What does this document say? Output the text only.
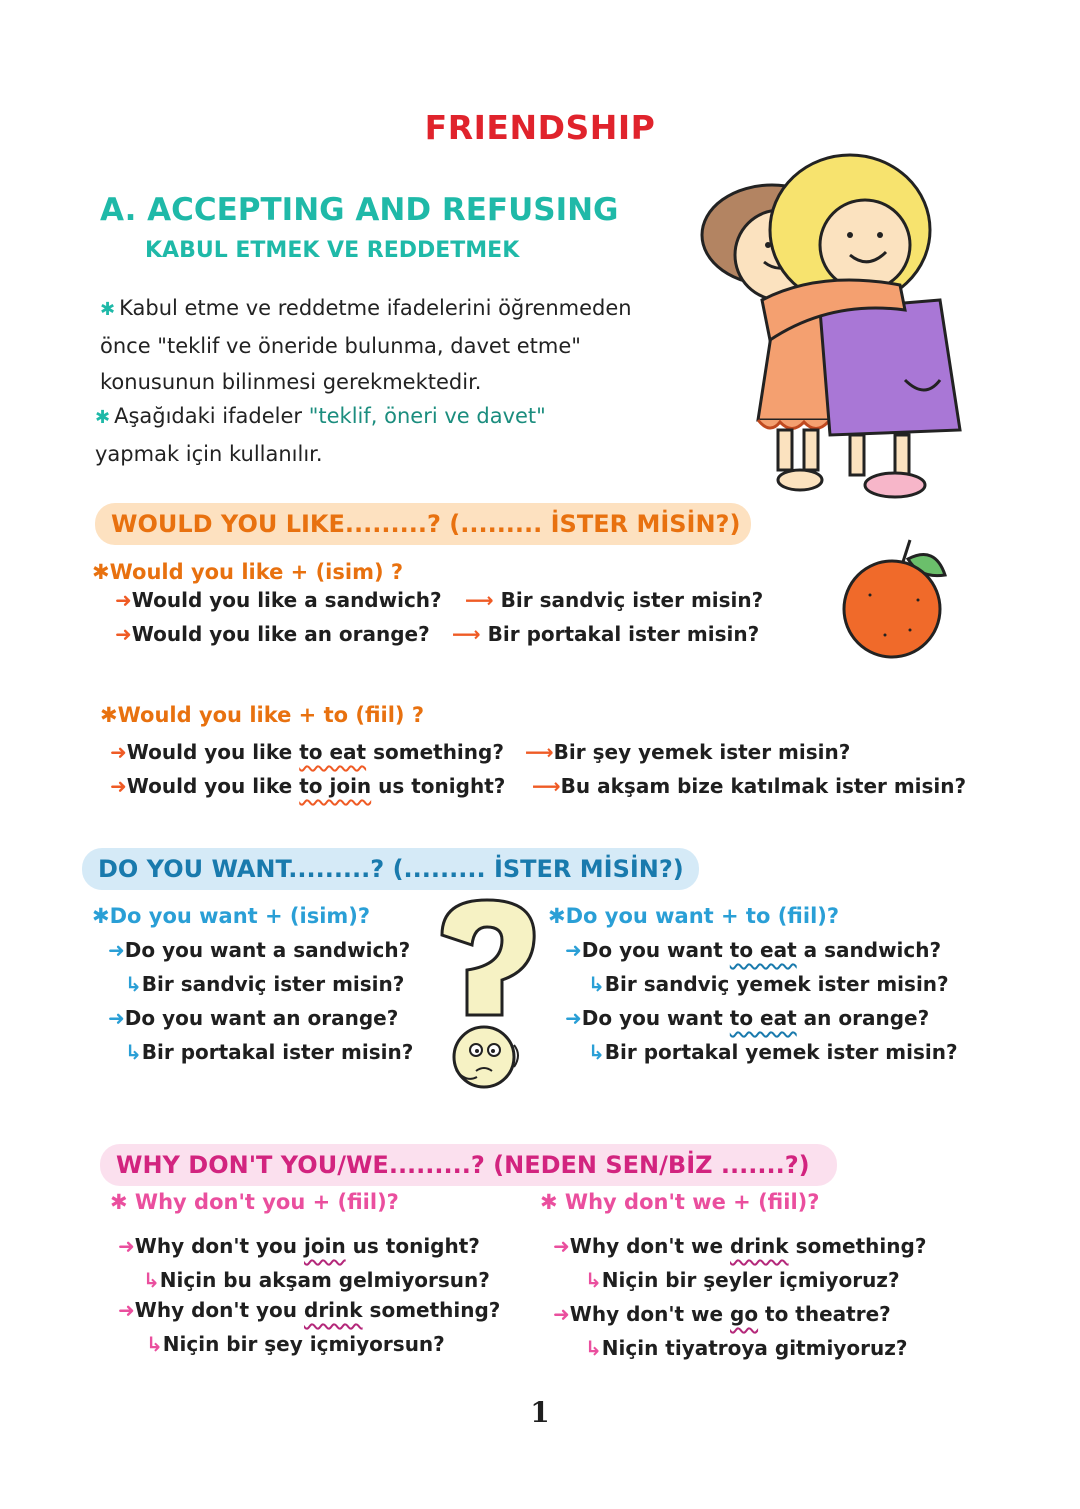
FRIENDSHIP
A. ACCEPTING AND REFUSING
KABUL ETMEK VE REDDETMEK
✱ Kabul etme ve reddetme ifadelerini öğrenmeden
önce "teklif ve öneride bulunma, davet etme"
konusunun bilinmesi gerekmektedir.
✱ Aşağıdaki ifadeler "teklif, öneri ve davet"
yapmak için kullanılır.
WOULD YOU LIKE.........? (......... İSTER MİSİN?)
✱Would you like + (isim) ?
➜Would you like a sandwich? ⟶ Bir sandviç ister misin?
➜Would you like an orange? ⟶ Bir portakal ister misin?
✱Would you like + to (fiil) ?
➜Would you like to eat something? ⟶Bir şey yemek ister misin?
➜Would you like to join us tonight? ⟶Bu akşam bize katılmak ister misin?
DO YOU WANT.........? (......... İSTER MİSİN?)
✱Do you want + (isim)?
➜Do you want a sandwich?
↳Bir sandviç ister misin?
➜Do you want an orange?
↳Bir portakal ister misin?
✱Do you want + to (fiil)?
➜Do you want to eat a sandwich?
↳Bir sandviç yemek ister misin?
➜Do you want to eat an orange?
↳Bir portakal yemek ister misin?
WHY DON'T YOU/WE.........? (NEDEN SEN/BİZ .......?)
✱ Why don't you + (fiil)?
➜Why don't you join us tonight?
↳Niçin bu akşam gelmiyorsun?
➜Why don't you drink something?
↳Niçin bir şey içmiyorsun?
✱ Why don't we + (fiil)?
➜Why don't we drink something?
↳Niçin bir şeyler içmiyoruz?
➜Why don't we go to theatre?
↳Niçin tiyatroya gitmiyoruz?
1
